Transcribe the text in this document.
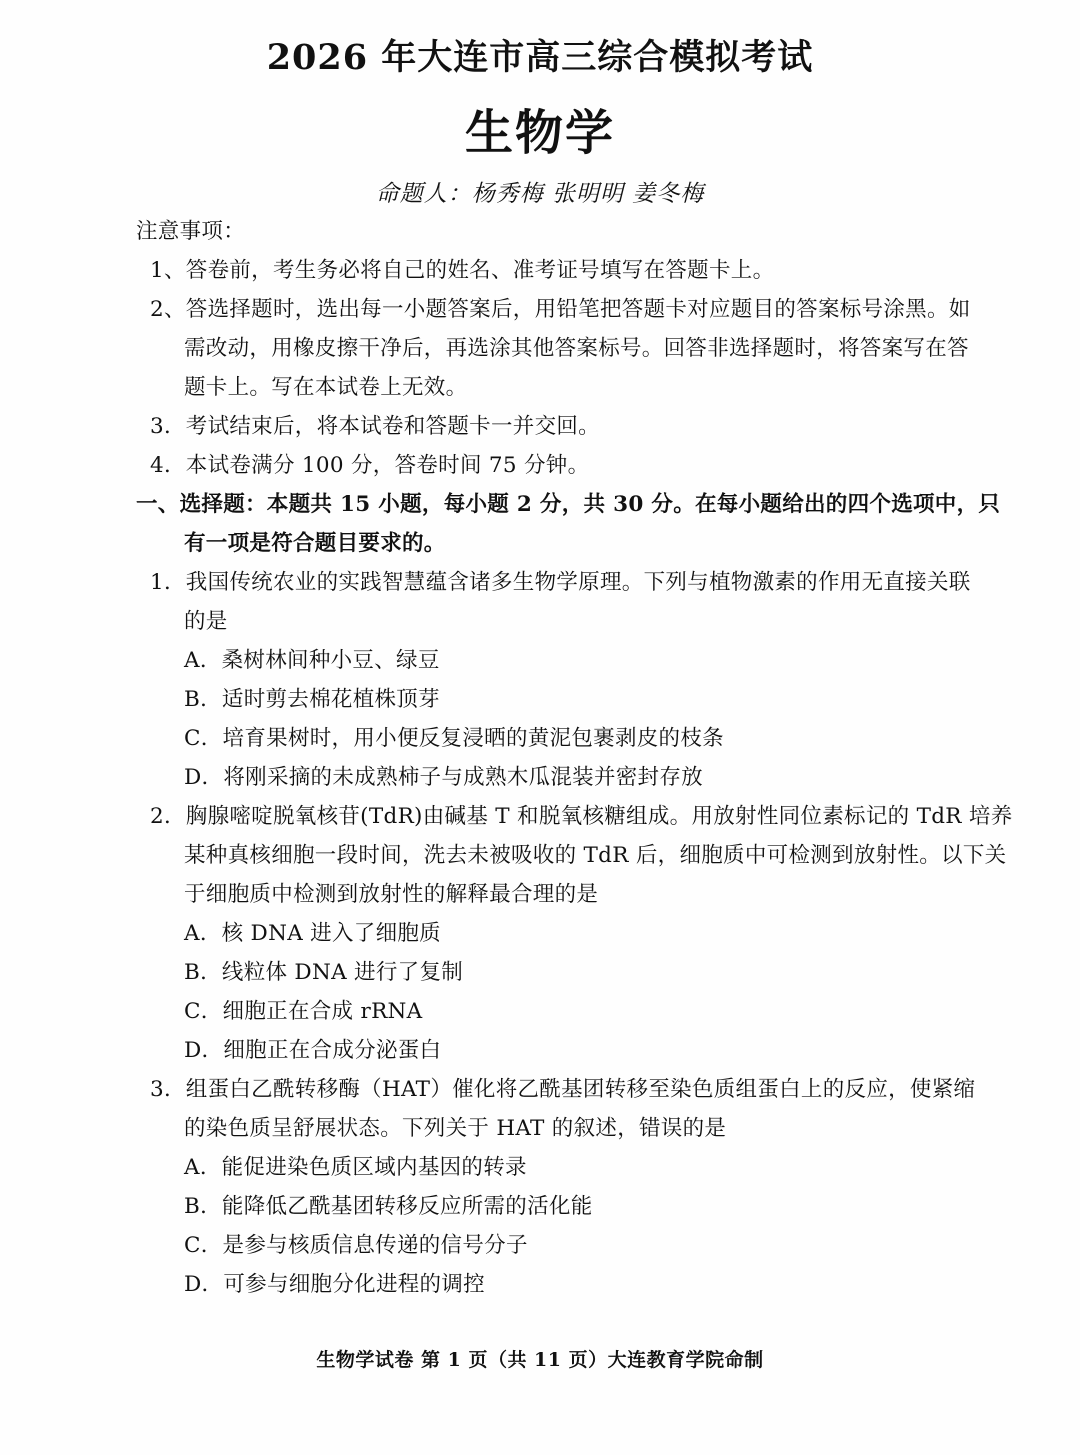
2026 年大连市高三综合模拟考试
生物学
命题人：杨秀梅 张明明 姜冬梅
注意事项：
1、答卷前，考生务必将自己的姓名、准考证号填写在答题卡上。
2、答选择题时，选出每一小题答案后，用铅笔把答题卡对应题目的答案标号涂黑。如
需改动，用橡皮擦干净后，再选涂其他答案标号。回答非选择题时，将答案写在答
题卡上。写在本试卷上无效。
3．考试结束后，将本试卷和答题卡一并交回。
4．本试卷满分 100 分，答卷时间 75 分钟。
一、选择题：本题共 15 小题，每小题 2 分，共 30 分。在每小题给出的四个选项中，只
有一项是符合题目要求的。
1．我国传统农业的实践智慧蕴含诸多生物学原理。下列与植物激素的作用无直接关联
的是
A．桑树林间种小豆、绿豆
B．适时剪去棉花植株顶芽
C．培育果树时，用小便反复浸晒的黄泥包裹剥皮的枝条
D．将刚采摘的未成熟柿子与成熟木瓜混装并密封存放
2．胸腺嘧啶脱氧核苷(TdR)由碱基 T 和脱氧核糖组成。用放射性同位素标记的 TdR 培养
某种真核细胞一段时间，洗去未被吸收的 TdR 后，细胞质中可检测到放射性。以下关
于细胞质中检测到放射性的解释最合理的是
A．核 DNA 进入了细胞质
B．线粒体 DNA 进行了复制
C．细胞正在合成 rRNA
D．细胞正在合成分泌蛋白
3．组蛋白乙酰转移酶（HAT）催化将乙酰基团转移至染色质组蛋白上的反应，使紧缩
的染色质呈舒展状态。下列关于 HAT 的叙述，错误的是
A．能促进染色质区域内基因的转录
B．能降低乙酰基团转移反应所需的活化能
C．是参与核质信息传递的信号分子
D．可参与细胞分化进程的调控
生物学试卷 第 1 页（共 11 页）大连教育学院命制
